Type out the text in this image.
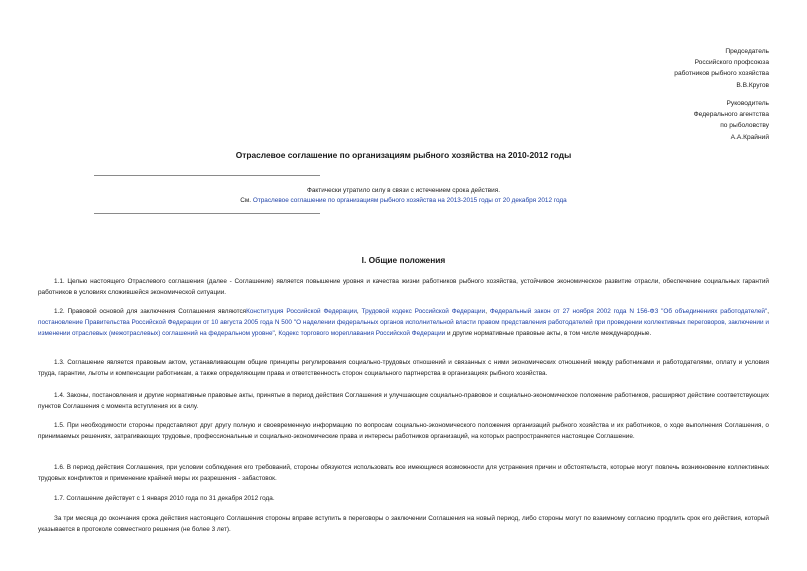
Председатель
Российского профсоюза
работников рыбного хозяйства
В.В.Кругов
Руководитель
Федерального агентства
по рыболовству
А.А.Крайний
Отраслевое соглашение по организациям рыбного хозяйства на 2010-2012 годы
Фактически утратило силу в связи с истечением срока действия.
См. Отраслевое соглашение по организациям рыбного хозяйства на 2013-2015 годы от 20 декабря 2012 года
I. Общие положения

1.1. Целью настоящего Отраслевого соглашения (далее - Соглашение) является повышение уровня и качества жизни работников рыбного хозяйства, устойчивое экономическое развитие отрасли, обеспечение социальных гарантий работников в условиях сложившейся экономической ситуации.

1.2. Правовой основой для заключения Соглашения являютсяКонституция Российской Федерации, Трудовой кодекс Российской Федерации, Федеральный закон от 27 ноября 2002 года N 156-ФЗ "Об объединениях работодателей", постановление Правительства Российской Федерации от 10 августа 2005 года N 500 "О наделении федеральных органов исполнительной власти правом представления работодателей при проведении коллективных переговоров, заключении и изменении отраслевых (межотраслевых) соглашений на федеральном уровне", Кодекс торгового мореплавания Российской Федерации и другие нормативные правовые акты, в том числе международные.

1.3. Соглашение является правовым актом, устанавливающим общие принципы регулирования социально-трудовых отношений и связанных с ними экономических отношений между работниками и работодателями, оплату и условия труда, гарантии, льготы и компенсации работникам, а также определяющим права и ответственность сторон социального партнерства в организациях рыбного хозяйства.

1.4. Законы, постановления и другие нормативные правовые акты, принятые в период действия Соглашения и улучшающие социально-правовое и социально-экономическое положение работников, расширяют действие соответствующих пунктов Соглашения с момента вступления их в силу.

1.5. При необходимости стороны представляют друг другу полную и своевременную информацию по вопросам социально-экономического положения организаций рыбного хозяйства и их работников, о ходе выполнения Соглашения, о принимаемых решениях, затрагивающих трудовые, профессиональные и социально-экономические права и интересы работников организаций, на которых распространяется настоящее Соглашение.

1.6. В период действия Соглашения, при условии соблюдения его требований, стороны обязуются использовать все имеющиеся возможности для устранения причин и обстоятельств, которые могут повлечь возникновение коллективных трудовых конфликтов и применение крайней меры их разрешения - забастовок.

1.7. Соглашение действует с 1 января 2010 года по 31 декабря 2012 года.

За три месяца до окончания срока действия настоящего Соглашения стороны вправе вступить в переговоры о заключении Соглашения на новый период, либо стороны могут по взаимному согласию продлить срок его действия, который указывается в протоколе совместного решения (не более 3 лет).
